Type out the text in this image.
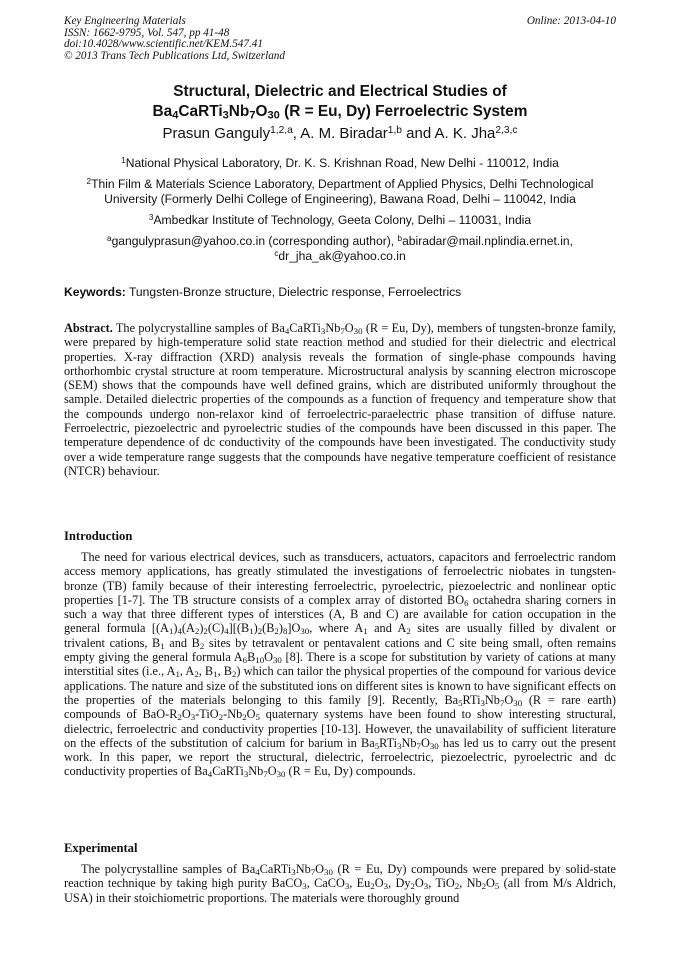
Key Engineering Materials
ISSN: 1662-9795, Vol. 547, pp 41-48
doi:10.4028/www.scientific.net/KEM.547.41
© 2013 Trans Tech Publications Ltd, Switzerland
Online: 2013-04-10
Structural, Dielectric and Electrical Studies of
$Ba_4CaRTi_3Nb_7O_{30}$ (R = Eu, Dy) Ferroelectric System
Prasun Ganguly$^{1,2,a}$, A. M. Biradar$^{1,b}$ and A. K. Jha$^{2,3,c}$
$^1$National Physical Laboratory, Dr. K. S. Krishnan Road, New Delhi - 110012, India
$^2$Thin Film & Materials Science Laboratory, Department of Applied Physics, Delhi Technological
University (Formerly Delhi College of Engineering), Bawana Road, Delhi – 110042, India
$^3$Ambedkar Institute of Technology, Geeta Colony, Delhi – 110031, India
$^a$gangulyprasun@yahoo.co.in (corresponding author), $^b$abiradar@mail.nplindia.ernet.in,
$^c$dr_jha_ak@yahoo.co.in
Keywords: Tungsten-Bronze structure, Dielectric response, Ferroelectrics
Abstract. The polycrystalline samples of $Ba_4CaRTi_3Nb_7O_{30}$ (R = Eu, Dy), members of tungsten-bronze family, were prepared by high-temperature solid state reaction method and studied for their dielectric and electrical properties. X-ray diffraction (XRD) analysis reveals the formation of single-phase compounds having orthorhombic crystal structure at room temperature. Microstructural analysis by scanning electron microscope (SEM) shows that the compounds have well defined grains, which are distributed uniformly throughout the sample. Detailed dielectric properties of the compounds as a function of frequency and temperature show that the compounds undergo non-relaxor kind of ferroelectric-paraelectric phase transition of diffuse nature. Ferroelectric, piezoelectric and pyroelectric studies of the compounds have been discussed in this paper. The temperature dependence of dc conductivity of the compounds have been investigated. The conductivity study over a wide temperature range suggests that the compounds have negative temperature coefficient of resistance (NTCR) behaviour.
Introduction
The need for various electrical devices, such as transducers, actuators, capacitors and ferroelectric random access memory applications, has greatly stimulated the investigations of ferroelectric niobates in tungsten-bronze (TB) family because of their interesting ferroelectric, pyroelectric, piezoelectric and nonlinear optic properties [1-7]. The TB structure consists of a complex array of distorted $BO_6$ octahedra sharing corners in such a way that three different types of interstices (A, B and C) are available for cation occupation in the general formula $[(A_1)_4(A_2)_2(C)_4][(B_1)_2(B_2)_8]O_{30}$, where $A_1$ and $A_2$ sites are usually filled by divalent or trivalent cations, $B_1$ and $B_2$ sites by tetravalent or pentavalent cations and C site being small, often remains empty giving the general formula $A_6B_{10}O_{30}$ [8]. There is a scope for substitution by variety of cations at many interstitial sites (i.e., $A_1$, $A_2$, $B_1$, $B_2$) which can tailor the physical properties of the compound for various device applications. The nature and size of the substituted ions on different sites is known to have significant effects on the properties of the materials belonging to this family [9]. Recently, $Ba_5RTi_3Nb_7O_{30}$ (R = rare earth) compounds of BaO-$R_2O_3-TiO_2-Nb_2O_5$ quaternary systems have been found to show interesting structural, dielectric, ferroelectric and conductivity properties [10-13]. However, the unavailability of sufficient literature on the effects of the substitution of calcium for barium in $Ba_5RTi_3Nb_7O_{30}$ has led us to carry out the present work. In this paper, we report the structural, dielectric, ferroelectric, piezoelectric, pyroelectric and dc conductivity properties of $Ba_4CaRTi_3Nb_7O_{30}$ (R = Eu, Dy) compounds.
Experimental
The polycrystalline samples of $Ba_4CaRTi_3Nb_7O_{30}$ (R = Eu, Dy) compounds were prepared by solid-state reaction technique by taking high purity BaCO$_3$, CaCO$_3$, $Eu_2O_3$, $Dy_2O_3$, TiO$_2$, $Nb_2O_5$ (all from M/s Aldrich, USA) in their stoichiometric proportions. The materials were thoroughly ground
